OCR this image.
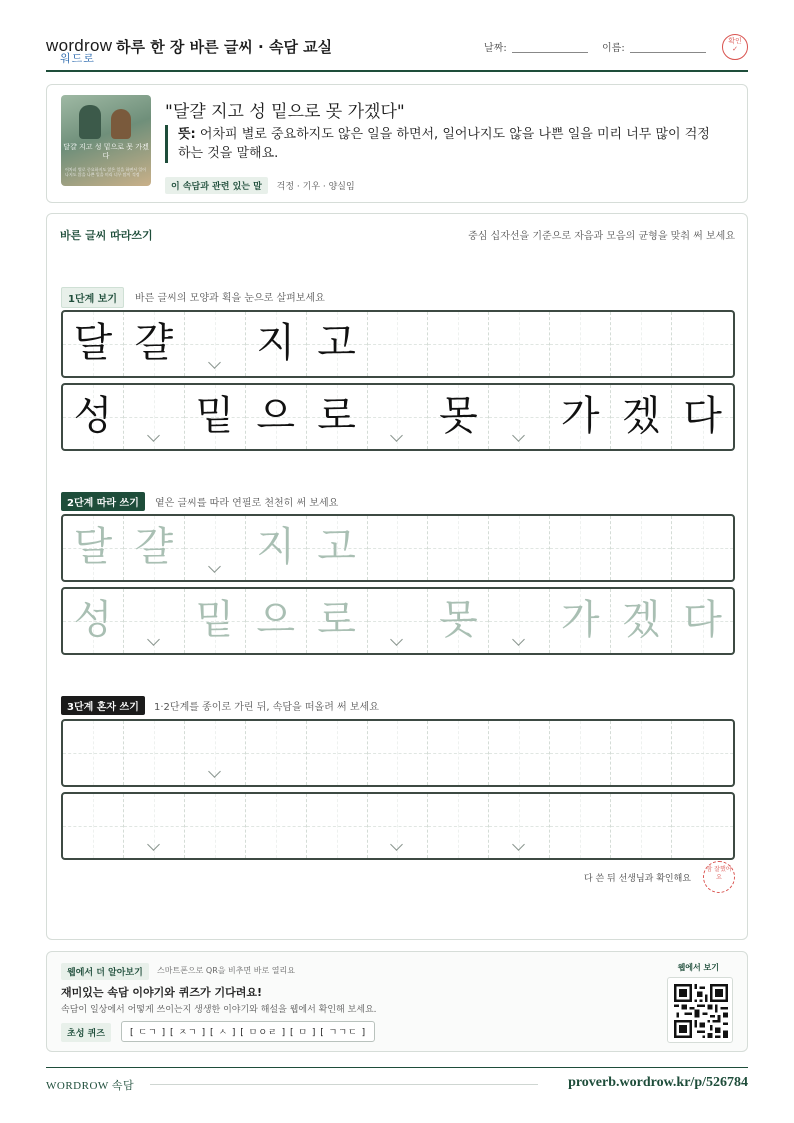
wordrow
워드로
하루 한 장 바른 글씨 · 속담 교실	날짜:	이름:
확인
✓
달걀 지고 성 밑으로 못 가겠다
어차피 별로 중요하지도 않은 일을 하면서 일어나지도 않을 나쁜 일을 미리 너무 많이 걱정
"달걀 지고 성 밑으로 못 가겠다"
뜻: 어차피 별로 중요하지도 않은 일을 하면서, 일어나지도 않을 나쁜 일을 미리 너무 많이 걱정하는 것을 말해요.
이 속담과 관련 있는 말 걱정 · 기우 · 양실임
바른 글씨 따라쓰기	중심 십자선을 기준으로 자음과 모음의 균형을 맞춰 써 보세요
1단계 보기	바른 글씨의 모양과 획을 눈으로 살펴보세요
달 걀 지 고
성 밑 으 로 못 가 겠 다
2단계 따라 쓰기	옅은 글씨를 따라 연필로 천천히 써 보세요
달 걀 지 고
성 밑 으 로 못 가 겠 다
3단계 혼자 쓰기	1·2단계를 종이로 가린 뒤, 속담을 떠올려 써 보세요
다 쓴 뒤 선생님과 확인해요
참 잘했어요
웹에서 더 알아보기	스마트폰으로 QR을 비추면 바로 열리요
재미있는 속담 이야기와 퀴즈가 기다려요!
속담이 일상에서 어떻게 쓰이는지 생생한 이야기와 해설을 웹에서 확인해 보세요.
초성 퀴즈	[ ㄷㄱ ] [ ㅈㄱ ] [ ㅅ ] [ ㅁㅇㄹ ] [ ㅁ ] [ ㄱㄱㄷ ]
웹에서 보기
WORDROW 속담	proverb.wordrow.kr/p/526784
